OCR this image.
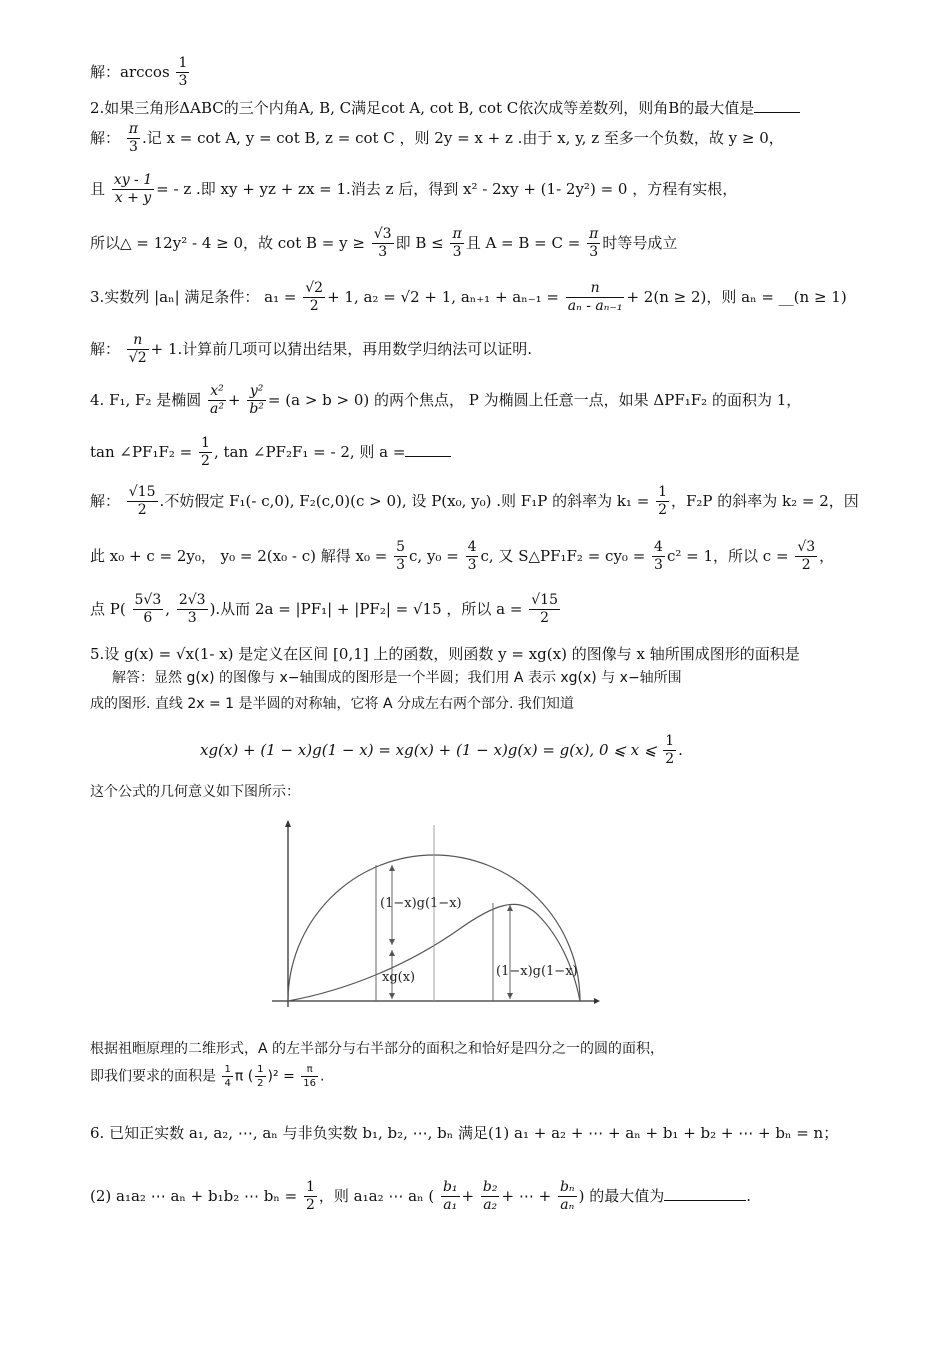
解：$\arccos \frac{1}{3}$
2.如果三角形ΔABC的三个内角A, B, C满足cot A, cot B, cot C依次成等差数列，则角B的最大值是
解： $\frac{\pi}{3}$ .记 x = cot A, y = cot B, z = cot C ，则 2y = x + z .由于 x, y, z 至多一个负数，故 y ≥ 0，
且 $\frac{xy - 1}{x + y}$ = - z .即 xy + yz + zx = 1.消去 z 后，得到 x² - 2xy + (1- 2y²) = 0 ，方程有实根，
所以△ = 12y² - 4 ≥ 0，故 $\cot B = y \ge \frac{√3}{3}$ 即 $B \le \frac{\pi}{3}$ 且 $A = B = C = \frac{\pi}{3}$ 时等号成立
3.实数列 |aₙ| 满足条件： $a_1 = \frac{√2}{2} + 1$, a₂ = √2 + 1, $a_{n+1} + a_{n-1} = \frac{n}{\text{aₙ - aₙ₋₁}} + 2(n \ge 2)$，则 aₙ = __(n ≥ 1)
解： $\frac{n}{√2} + 1$.计算前几项可以猜出结果，再用数学归纳法可以证明.
4. F₁, F₂ 是椭圆 $\frac{\text{x²}}{\text{a²}} + \frac{\text{y²}}{\text{b²}} = (a > b > 0)$ 的两个焦点， P 为椭圆上任意一点，如果 ΔPF₁F₂ 的面积为 1，
tan ∠PF₁F₂ = $\frac{1}{2}$ , tan ∠PF₂F₁ = - 2, 则 a =
解： $\frac{√15}{2}$ .不妨假定 F₁(- c,0), F₂(c,0)(c > 0), 设 P(x₀, y₀) .则 F₁P 的斜率为 $k_1 = \frac{1}{2}$ ，F₂P 的斜率为 k₂ = 2，因
此 x₀ + c = 2y₀， y₀ = 2(x₀ - c) 解得 $x_0 = \frac{5}{3} c$, $y_0 = \frac{4}{3} c$, 又 S△PF₁F₂ = $cy_0 = \frac{4}{3} c^2 = 1$，所以 $c = \frac{√3}{2}$ ，
点 $P( \frac{5√3}{6}$ , $\frac{2√3}{3}$ ).从而 2a = |PF₁| + |PF₂| = √15 ，所以 $a = \frac{√15}{2}$
5.设 g(x) = √x(1- x) 是定义在区间 [0,1] 上的函数，则函数 y = xg(x) 的图像与 x 轴所围成图形的面积是
解答：显然 g(x) 的图像与 x−轴围成的图形是一个半圆；我们用 A 表示 xg(x) 与 x−轴所围
成的图形. 直线 2x = 1 是半圆的对称轴，它将 A 分成左右两个部分. 我们知道
xg(x) + (1 − x)g(1 − x) = xg(x) + (1 − x)g(x) = g(x), 0 ⩽ x ⩽ $\frac{1}{2}$ .
这个公式的几何意义如下图所示：
(1−x)g(1−x)
xg(x)	(1−x)g(1−x)
根据祖暅原理的二维形式，A 的左半部分与右半部分的面积之和恰好是四分之一的圆的面积，
即我们要求的面积是 $\frac{1}{4}$ π ( $\frac{1}{2} )^2 = \frac{\pi}{16}$ .
6. 已知正实数 a₁, a₂, ⋯, aₙ 与非负实数 b₁, b₂, ⋯, bₙ 满足(1) a₁ + a₂ + ⋯ + aₙ + b₁ + b₂ + ⋯ + bₙ = n；
(2) a₁a₂ ⋯ aₙ + b₁b₂ ⋯ $b_n = \frac{1}{2}$ ，则 a₁a₂ ⋯ aₙ ( $\frac{\text{b₁}}{\text{a₁}} + \frac{\text{b₂}}{\text{a₂}}$ + ⋯ + $\frac{\text{bₙ}}{\text{aₙ}}$ ) 的最大值为	.
